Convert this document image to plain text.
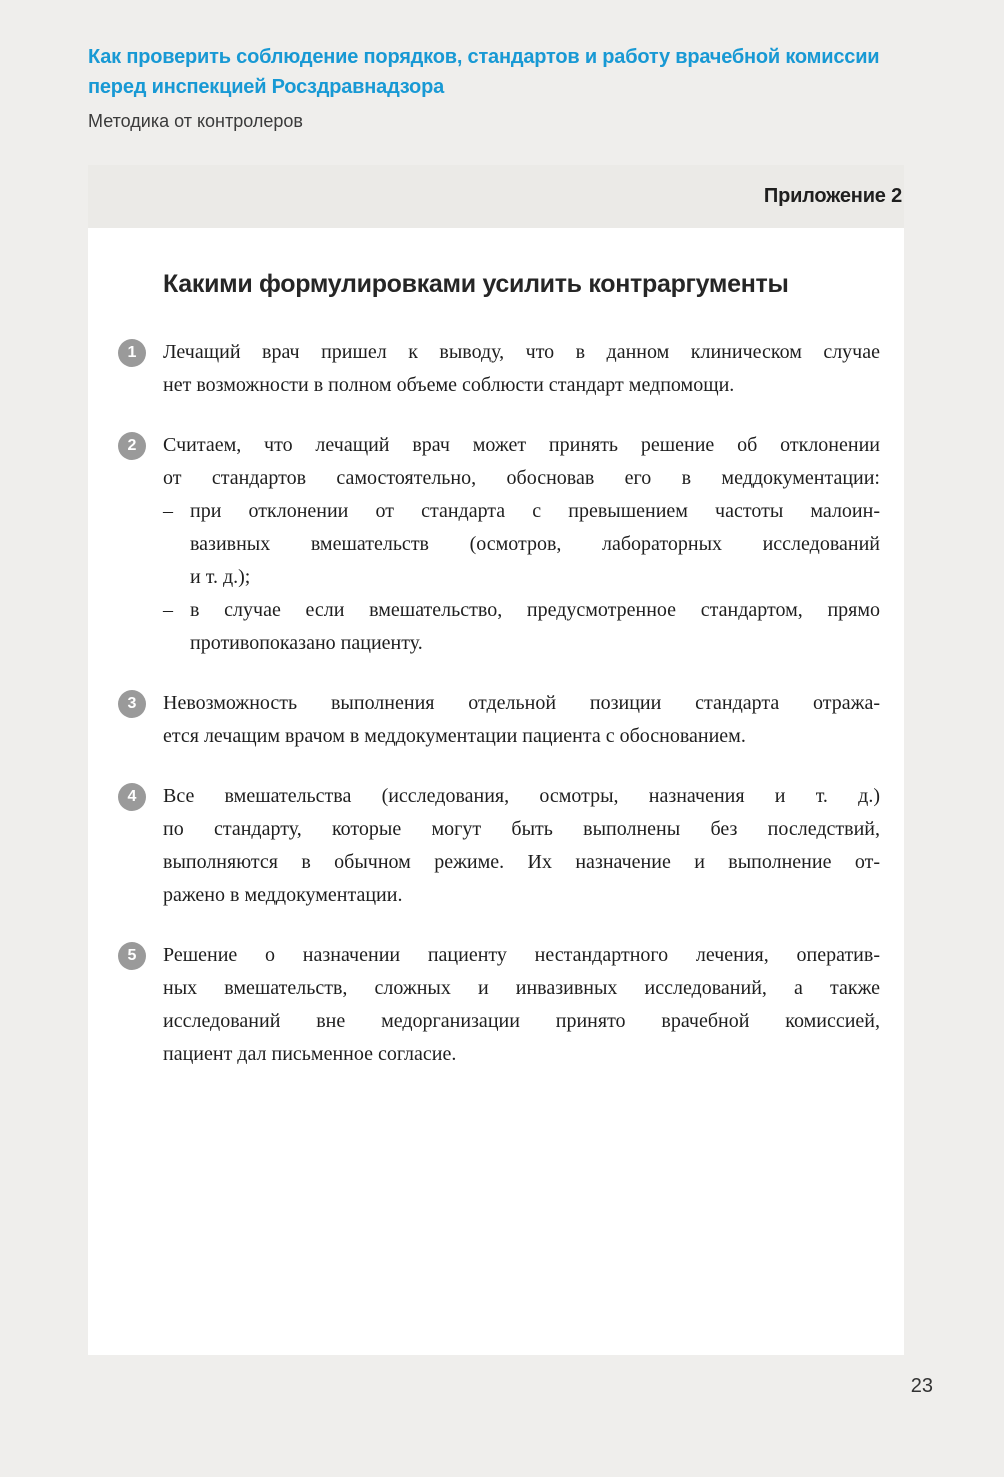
Как проверить соблюдение порядков, стандартов и работу врачебной комиссии
перед инспекцией Росздравнадзора
Методика от контролеров
Приложение 2
Какими формулировками усилить контраргументы
1	Лечащий врач пришел к выводу, что в данном клиническом случае
нет возможности в полном объеме соблюсти стандарт медпомощи.
2	Считаем, что лечащий врач может принять решение об отклонении
от стандартов самостоятельно, обосновав его в меддокументации:
– при отклонении от стандарта с превышением частоты малоин-
вазивных вмешательств (осмотров, лабораторных исследований
и т. д.);
– в случае если вмешательство, предусмотренное стандартом, прямо
противопоказано пациенту.
3	Невозможность выполнения отдельной позиции стандарта отража-
ется лечащим врачом в меддокументации пациента с обоснованием.
4	Все вмешательства (исследования, осмотры, назначения и т. д.)
по стандарту, которые могут быть выполнены без последствий,
выполняются в обычном режиме. Их назначение и выполнение от-
ражено в меддокументации.
5	Решение о назначении пациенту нестандартного лечения, оператив-
ных вмешательств, сложных и инвазивных исследований, а также
исследований вне медорганизации принято врачебной комиссией,
пациент дал письменное согласие.
23
